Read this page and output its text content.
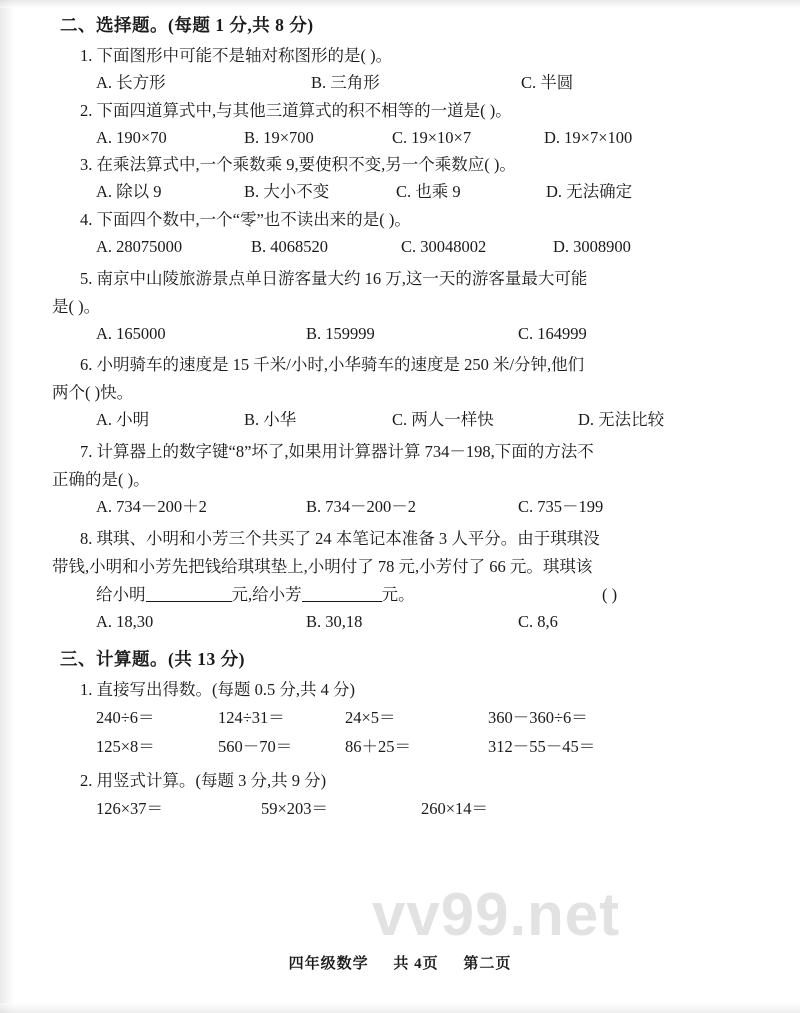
二、选择题。(每题 1 分,共 8 分)
1. 下面图形中可能不是轴对称图形的是( )。
A. 长方形	B. 三角形	C. 半圆
2. 下面四道算式中,与其他三道算式的积不相等的一道是( )。
A. 190×70	B. 19×700	C. 19×10×7	D. 19×7×100
3. 在乘法算式中,一个乘数乘 9,要使积不变,另一个乘数应( )。
A. 除以 9	B. 大小不变	C. 也乘 9	D. 无法确定
4. 下面四个数中,一个“零”也不读出来的是( )。
A. 28075000	B. 4068520	C. 30048002	D. 3008900
5. 南京中山陵旅游景点单日游客量大约 16 万,这一天的游客量最大可能
是( )。
A. 165000	B. 159999	C. 164999
6. 小明骑车的速度是 15 千米/小时,小华骑车的速度是 250 米/分钟,他们
两个( )快。
A. 小明	B. 小华	C. 两人一样快	D. 无法比较
7. 计算器上的数字键“8”坏了,如果用计算器计算 734－198,下面的方法不
正确的是( )。
A. 734－200＋2	B. 734－200－2	C. 735－199
8. 琪琪、小明和小芳三个共买了 24 本笔记本准备 3 人平分。由于琪琪没
带钱,小明和小芳先把钱给琪琪垫上,小明付了 78 元,小芳付了 66 元。琪琪该
给小明	元,给小芳	元。	( )
A. 18,30	B. 30,18	C. 8,6
三、计算题。(共 13 分)
1. 直接写出得数。(每题 0.5 分,共 4 分)
240÷6＝	124÷31＝	24×5＝	360－360÷6＝
125×8＝	560－70＝	86＋25＝	312－55－45＝
2. 用竖式计算。(每题 3 分,共 9 分)
126×37＝	59×203＝	260×14＝
vv99.net
四年级数学 共 4页 第二页
